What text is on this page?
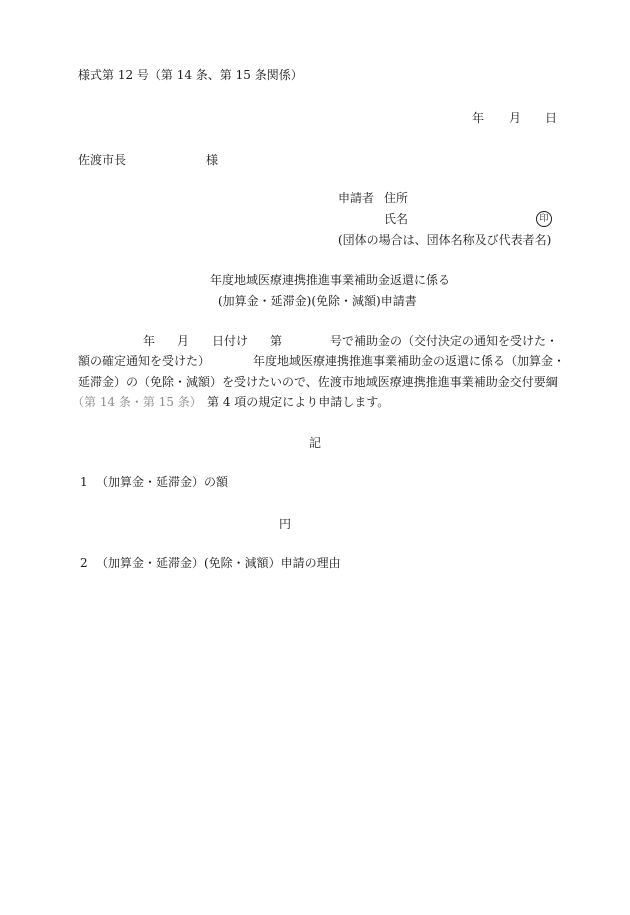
様式第 12 号（第 14 条、第 15 条関係）
年 月 日
佐渡市長	様
申請者 住所
氏名	印
(団体の場合は、団体名称及び代表者名)
年度地域医療連携推進事業補助金返還に係る
(加算金・延滞金)(免除・減額)申請書
年 月 日付け 第	号で補助金の（交付決定の通知を受けた・
額の確定通知を受けた）	年度地域医療連携推進事業補助金の返還に係る（加算金・
延滞金）の（免除・減額）を受けたいので、佐渡市地域医療連携推進事業補助金交付要綱
（第 14 条・第 15 条） 第 4 項の規定により申請します。
記
1 （加算金・延滞金）の額
円
2 （加算金・延滞金）(免除・減額）申請の理由
